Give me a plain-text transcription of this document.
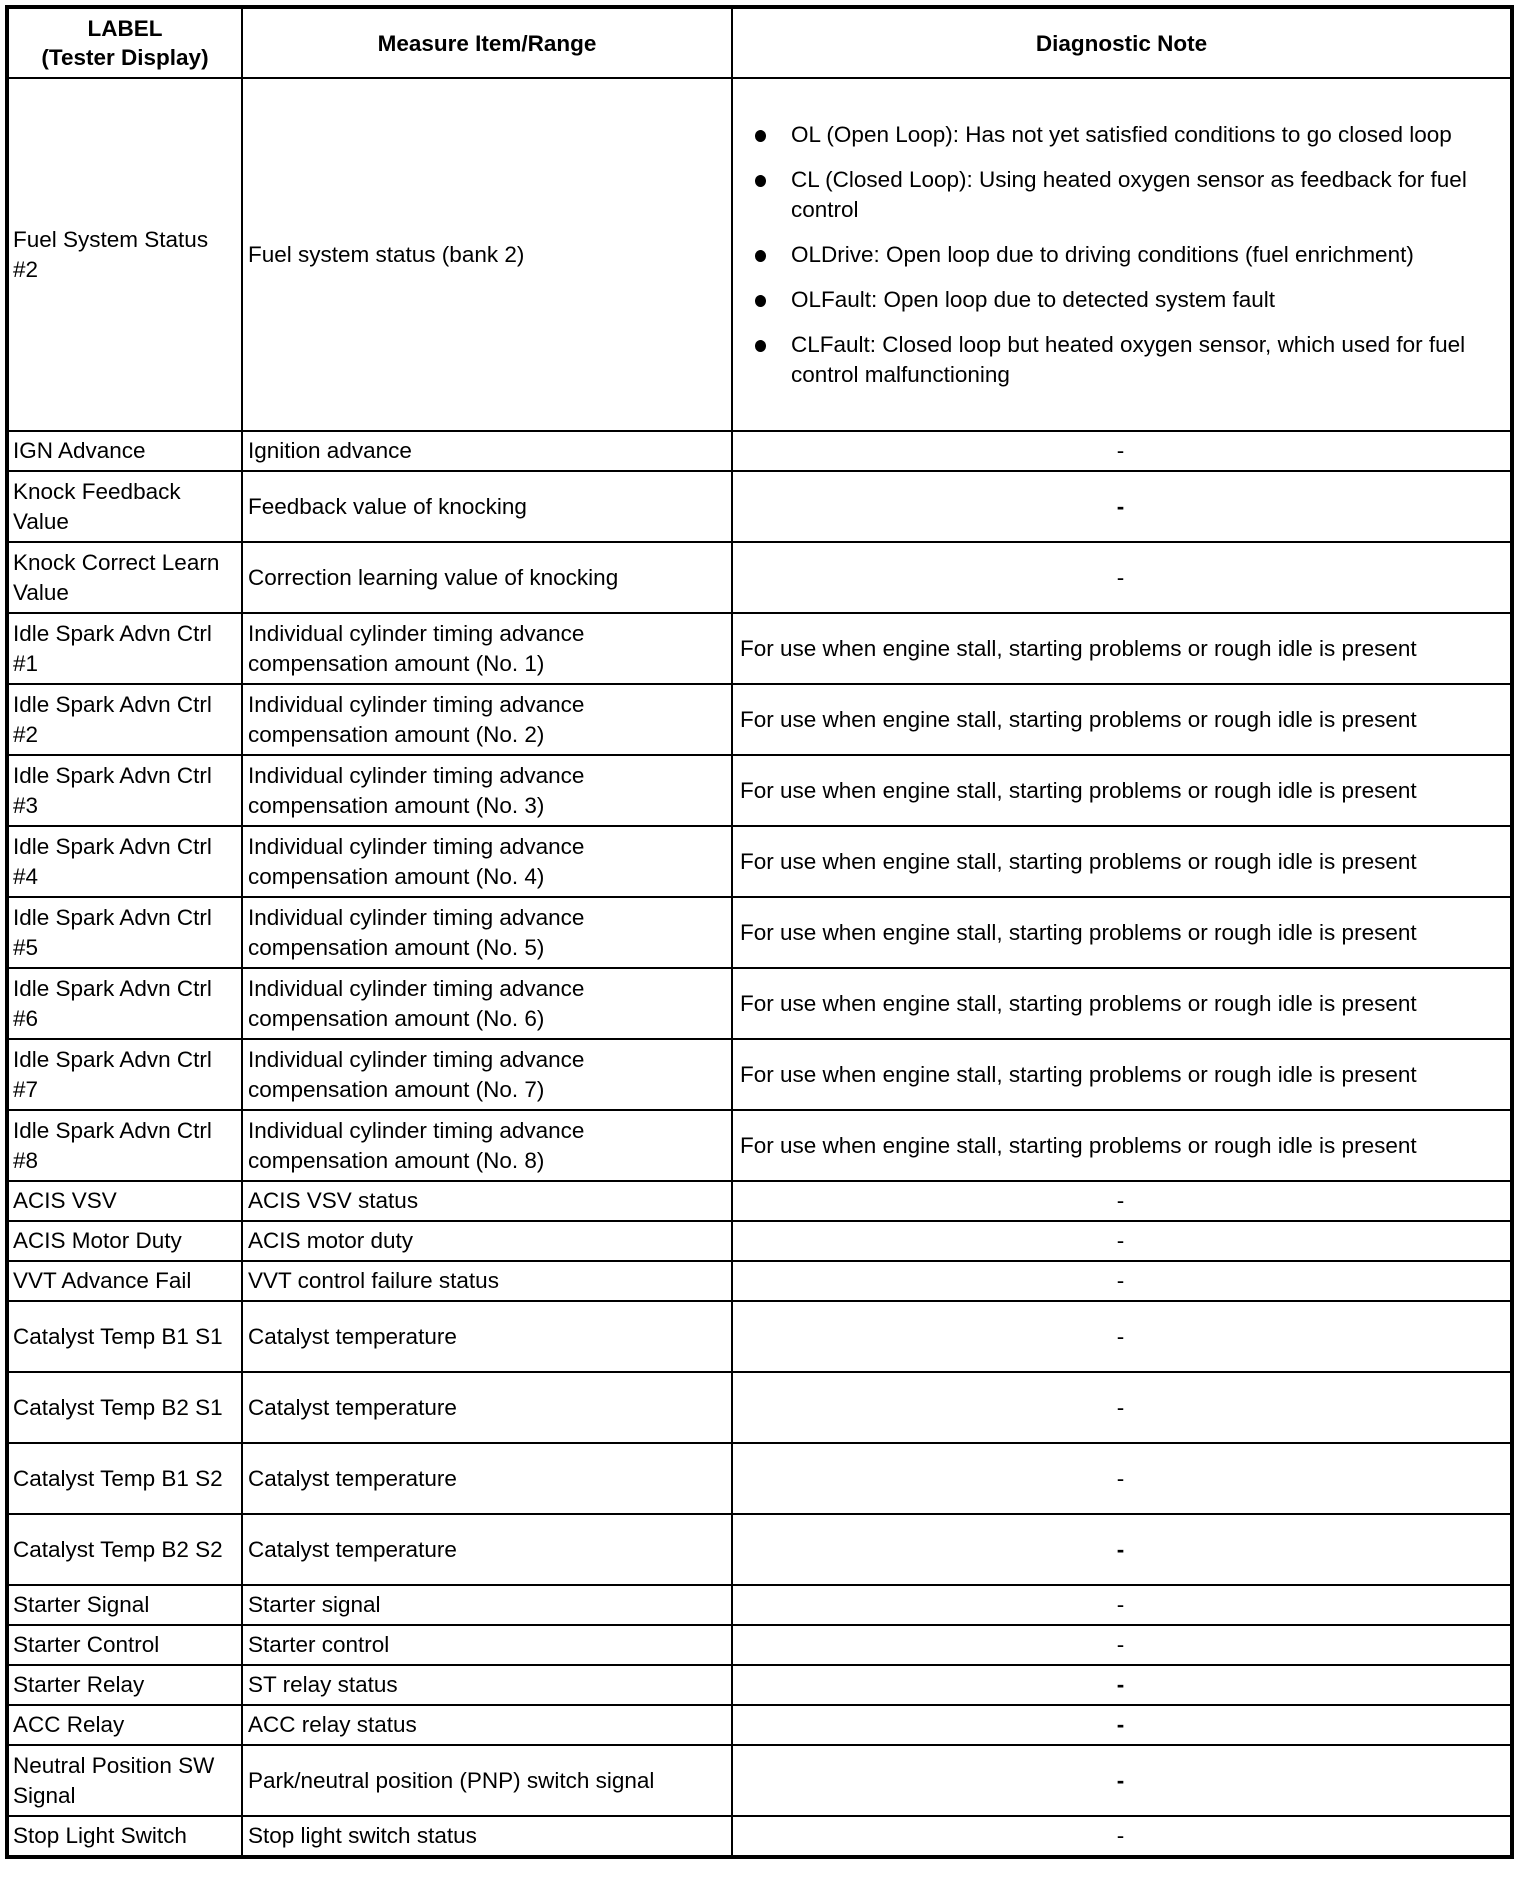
LABEL
(Tester Display)	Measure Item/Range	Diagnostic Note
Fuel System Status #2	Fuel system status (bank 2)	
OL (Open Loop): Has not yet satisfied conditions to go closed loop
CL (Closed Loop): Using heated oxygen sensor as feedback for fuel control
OLDrive: Open loop due to driving conditions (fuel enrichment)
OLFault: Open loop due to detected system fault
CLFault: Closed loop but heated oxygen sensor, which used for fuel control malfunctioning

IGN Advance	Ignition advance	-
Knock Feedback Value	Feedback value of knocking	-
Knock Correct Learn Value	Correction learning value of knocking	-
Idle Spark Advn Ctrl #1	Individual cylinder timing advance compensation amount (No. 1)	For use when engine stall, starting problems or rough idle is present
Idle Spark Advn Ctrl #2	Individual cylinder timing advance compensation amount (No. 2)	For use when engine stall, starting problems or rough idle is present
Idle Spark Advn Ctrl #3	Individual cylinder timing advance compensation amount (No. 3)	For use when engine stall, starting problems or rough idle is present
Idle Spark Advn Ctrl #4	Individual cylinder timing advance compensation amount (No. 4)	For use when engine stall, starting problems or rough idle is present
Idle Spark Advn Ctrl #5	Individual cylinder timing advance compensation amount (No. 5)	For use when engine stall, starting problems or rough idle is present
Idle Spark Advn Ctrl #6	Individual cylinder timing advance compensation amount (No. 6)	For use when engine stall, starting problems or rough idle is present
Idle Spark Advn Ctrl #7	Individual cylinder timing advance compensation amount (No. 7)	For use when engine stall, starting problems or rough idle is present
Idle Spark Advn Ctrl #8	Individual cylinder timing advance compensation amount (No. 8)	For use when engine stall, starting problems or rough idle is present
ACIS VSV	ACIS VSV status	-
ACIS Motor Duty	ACIS motor duty	-
VVT Advance Fail	VVT control failure status	-
Catalyst Temp B1 S1	Catalyst temperature	-
Catalyst Temp B2 S1	Catalyst temperature	-
Catalyst Temp B1 S2	Catalyst temperature	-
Catalyst Temp B2 S2	Catalyst temperature	-
Starter Signal	Starter signal	-
Starter Control	Starter control	-
Starter Relay	ST relay status	-
ACC Relay	ACC relay status	-
Neutral Position SW Signal	Park/neutral position (PNP) switch signal	-
Stop Light Switch	Stop light switch status	-
